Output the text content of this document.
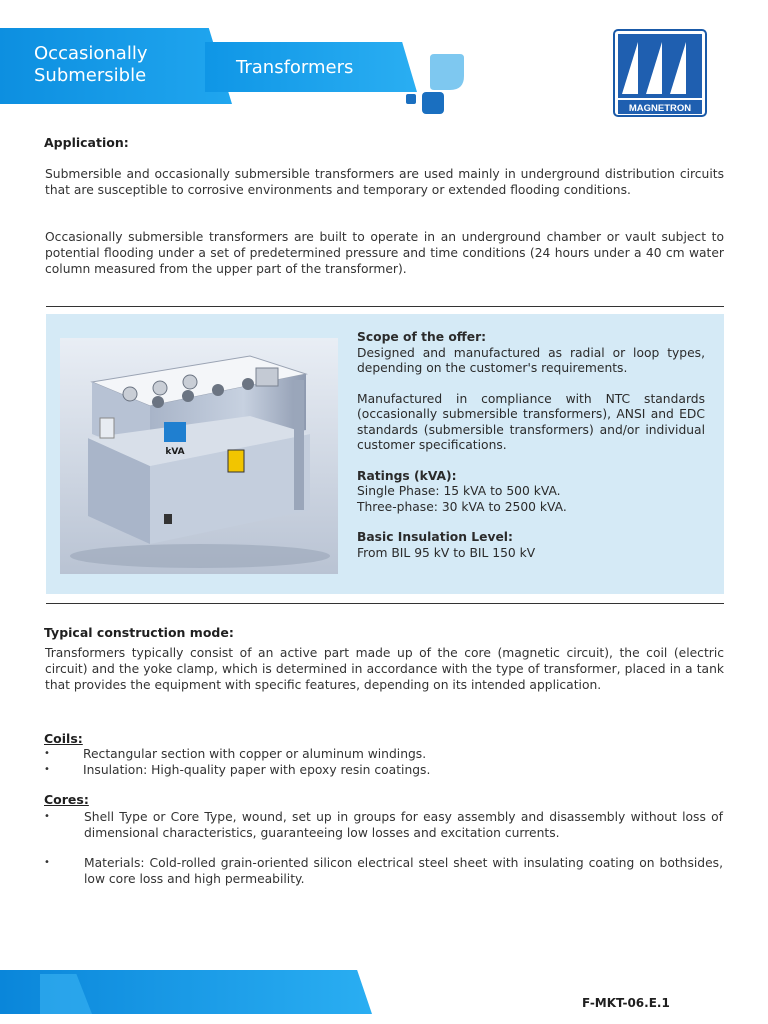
Occasionally
Submersible	Transformers
MAGNETRON
Application:
Submersible and occasionally submersible transformers are used mainly in underground distribution circuits that are susceptible to corrosive environments and temporary or extended flooding conditions.
Occasionally submersible transformers are built to operate in an underground chamber or vault subject to potential flooding under a set of predetermined pressure and time conditions (24 hours under a 40 cm water column measured from the upper part of the transformer).
kVA
Scope of the offer:
Designed and manufactured as radial or loop types, depending on the customer's requirements.
Manufactured in compliance with NTC standards (occasionally submersible transformers), ANSI and EDC standards (submersible transformers) and/or individual customer specifications.
Ratings (kVA):
Single Phase: 15 kVA to 500 kVA.
Three-phase: 30 kVA to 2500 kVA.
Basic Insulation Level:
From BIL 95 kV to BIL 150 kV
Typical construction mode:
Transformers typically consist of an active part made up of the core (magnetic circuit), the coil (electric circuit) and the yoke clamp, which is determined in accordance with the type of transformer, placed in a tank that provides the equipment with specific features, depending on its intended application.
Coils:
•	Rectangular section with copper or aluminum windings.
•	Insulation: High-quality paper with epoxy resin coatings.
Cores:
•	Shell Type or Core Type, wound, set up in groups for easy assembly and disassembly without loss of dimensional characteristics, guaranteeing low losses and excitation currents.
•	Materials: Cold-rolled grain-oriented silicon electrical steel sheet with insulating coating on bothsides, low core loss and high permeability.
F-MKT-06.E.1
